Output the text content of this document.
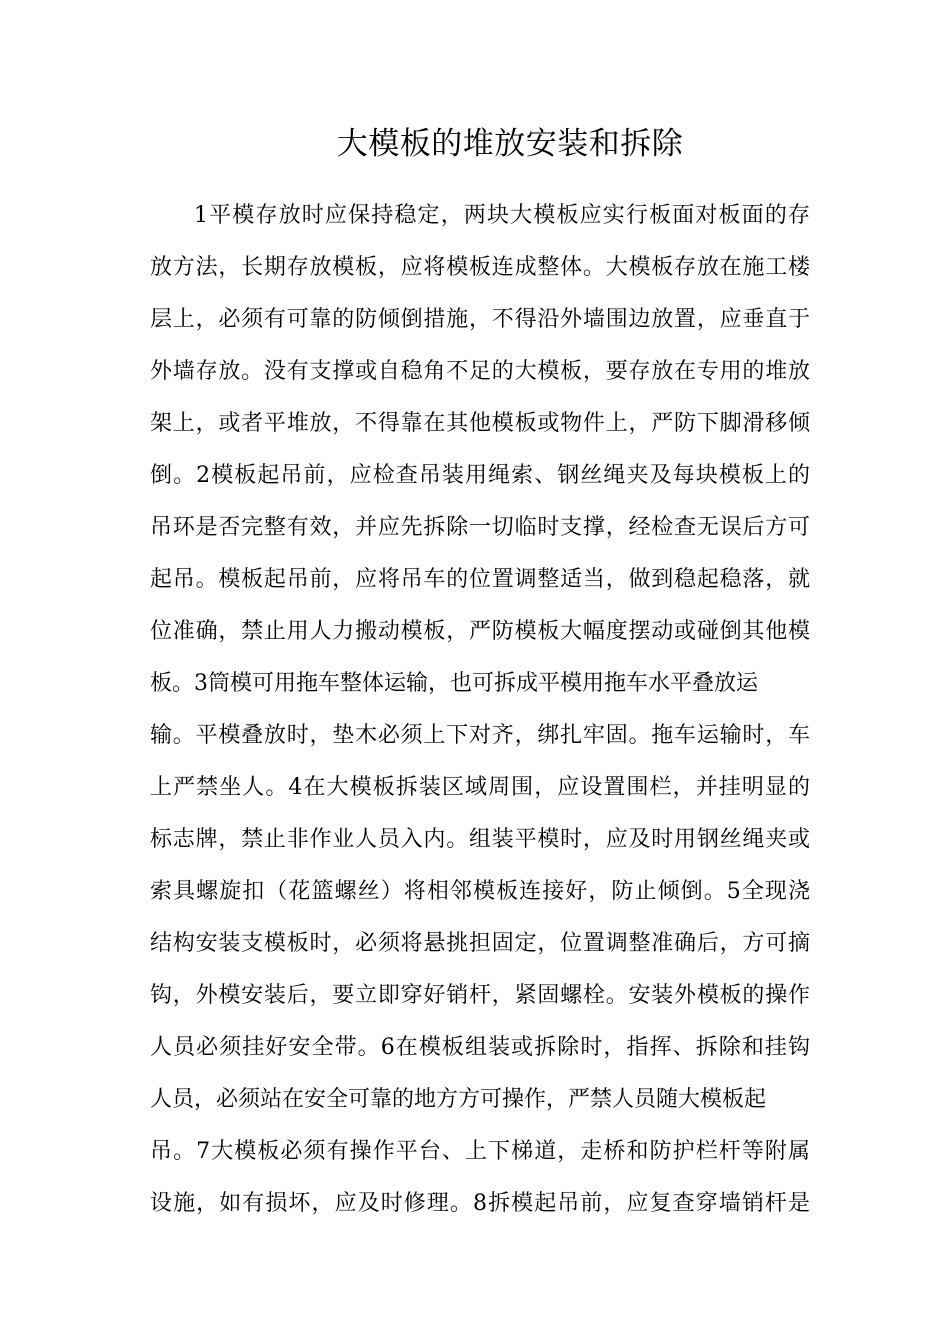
大模板的堆放安装和拆除
1平模存放时应保持稳定，两块大模板应实行板面对板面的存
放方法，长期存放模板，应将模板连成整体。大模板存放在施工楼
层上，必须有可靠的防倾倒措施，不得沿外墙围边放置，应垂直于
外墙存放。没有支撑或自稳角不足的大模板，要存放在专用的堆放
架上，或者平堆放，不得靠在其他模板或物件上，严防下脚滑移倾
倒。2模板起吊前，应检查吊装用绳索、钢丝绳夹及每块模板上的
吊环是否完整有效，并应先拆除一切临时支撑，经检查无误后方可
起吊。模板起吊前，应将吊车的位置调整适当，做到稳起稳落，就
位准确，禁止用人力搬动模板，严防模板大幅度摆动或碰倒其他模
板。3筒模可用拖车整体运输，也可拆成平模用拖车水平叠放运
输。平模叠放时，垫木必须上下对齐，绑扎牢固。拖车运输时，车
上严禁坐人。4在大模板拆装区域周围，应设置围栏，并挂明显的
标志牌，禁止非作业人员入内。组装平模时，应及时用钢丝绳夹或
索具螺旋扣（花篮螺丝）将相邻模板连接好，防止倾倒。5全现浇
结构安装支模板时，必须将悬挑担固定，位置调整准确后，方可摘
钩，外模安装后，要立即穿好销杆，紧固螺栓。安装外模板的操作
人员必须挂好安全带。6在模板组装或拆除时，指挥、拆除和挂钩
人员，必须站在安全可靠的地方方可操作，严禁人员随大模板起
吊。7大模板必须有操作平台、上下梯道，走桥和防护栏杆等附属
设施，如有损坏，应及时修理。8拆模起吊前，应复查穿墙销杆是
